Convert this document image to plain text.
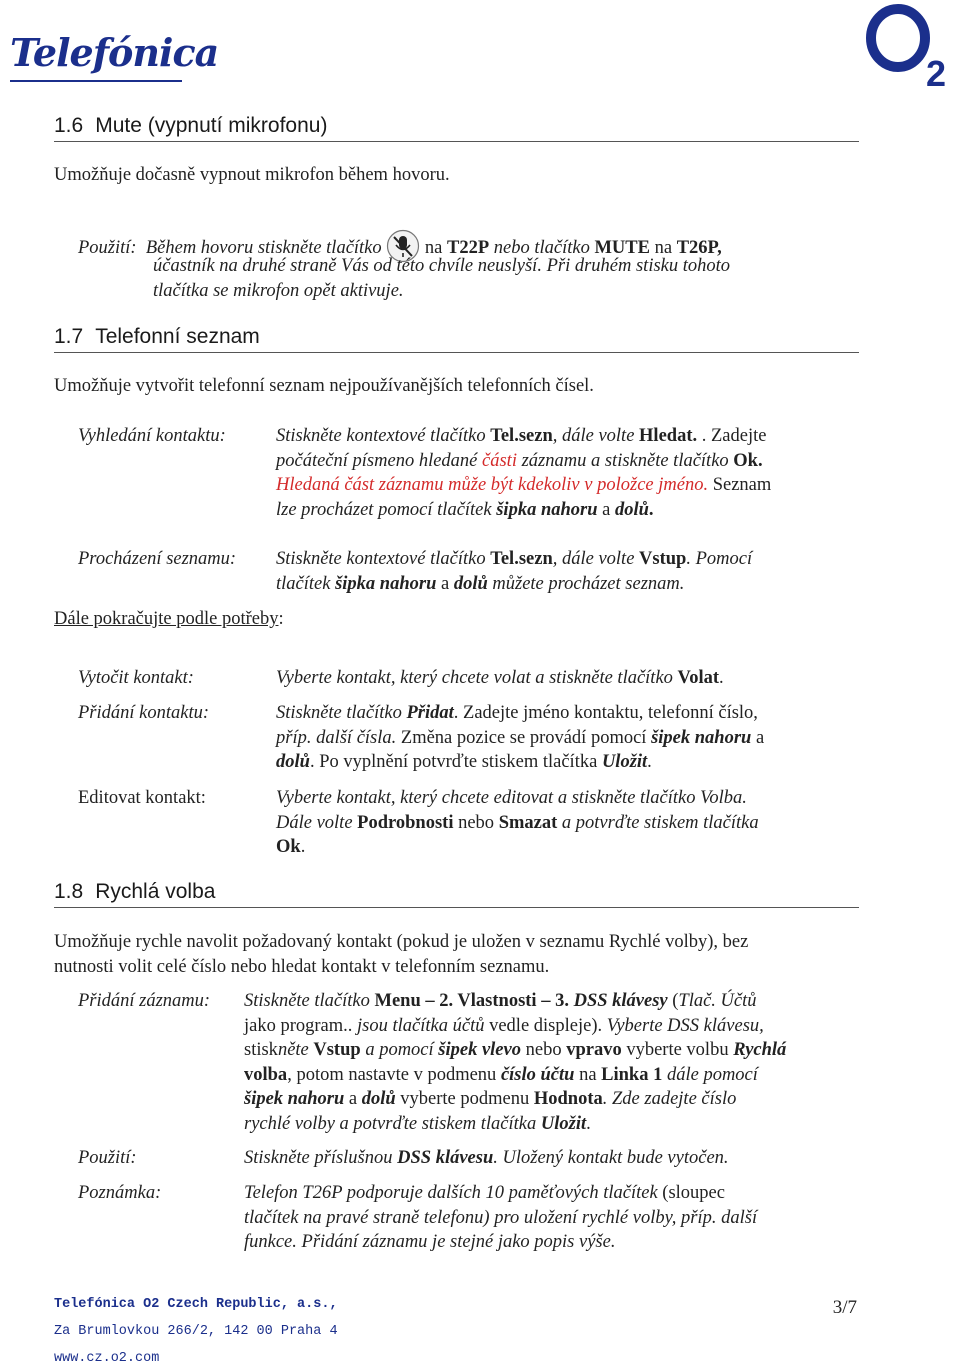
Telefónica	2
1.6 Mute (vypnutí mikrofonu)
Umožňuje dočasně vypnout mikrofon během hovoru.
Použití: Během hovoru stiskněte tlačítko na T22P nebo tlačítko MUTE na T26P,
účastník na druhé straně Vás od této chvíle neuslyší. Při druhém stisku tohoto
tlačítka se mikrofon opět aktivuje.
1.7 Telefonní seznam
Umožňuje vytvořit telefonní seznam nejpoužívanějších telefonních čísel.
Vyhledání kontaktu:	Stiskněte kontextové tlačítko Tel.sezn, dále volte Hledat. . Zadejte
počáteční písmeno hledané části záznamu a stiskněte tlačítko Ok.
Hledaná část záznamu může být kdekoliv v položce jméno. Seznam
lze procházet pomocí tlačítek šipka nahoru a dolů.
Procházení seznamu: Stiskněte kontextové tlačítko Tel.sezn, dále volte Vstup. Pomocí
tlačítek šipka nahoru a dolů můžete procházet seznam.
Dále pokračujte podle potřeby:
Vytočit kontakt:	Vyberte kontakt, který chcete volat a stiskněte tlačítko Volat.
Přidání kontaktu:	Stiskněte tlačítko Přidat. Zadejte jméno kontaktu, telefonní číslo,
příp. další čísla. Změna pozice se provádí pomocí šipek nahoru a
dolů. Po vyplnění potvrďte stiskem tlačítka Uložit.
Editovat kontakt:	Vyberte kontakt, který chcete editovat a stiskněte tlačítko Volba.
Dále volte Podrobnosti nebo Smazat a potvrďte stiskem tlačítka
Ok.
1.8 Rychlá volba
Umožňuje rychle navolit požadovaný kontakt (pokud je uložen v seznamu Rychlé volby), bez
nutnosti volit celé číslo nebo hledat kontakt v telefonním seznamu.
Přidání záznamu: Stiskněte tlačítko Menu – 2. Vlastnosti – 3. DSS klávesy (Tlač. Účtů
jako program.. jsou tlačítka účtů vedle displeje). Vyberte DSS klávesu,
stiskněte Vstup a pomocí šipek vlevo nebo vpravo vyberte volbu Rychlá
volba, potom nastavte v podmenu číslo účtu na Linka 1 dále pomocí
šipek nahoru a dolů vyberte podmenu Hodnota. Zde zadejte číslo
rychlé volby a potvrďte stiskem tlačítka Uložit.
Použití:	Stiskněte příslušnou DSS klávesu. Uložený kontakt bude vytočen.
Poznámka:	Telefon T26P podporuje dalších 10 paměťových tlačítek (sloupec
tlačítek na pravé straně telefonu) pro uložení rychlé volby, příp. další
funkce. Přidání záznamu je stejné jako popis výše.
Telefónica O2 Czech Republic, a.s.,
Za Brumlovkou 266/2, 142 00 Praha 4
www.cz.o2.com
3/7
